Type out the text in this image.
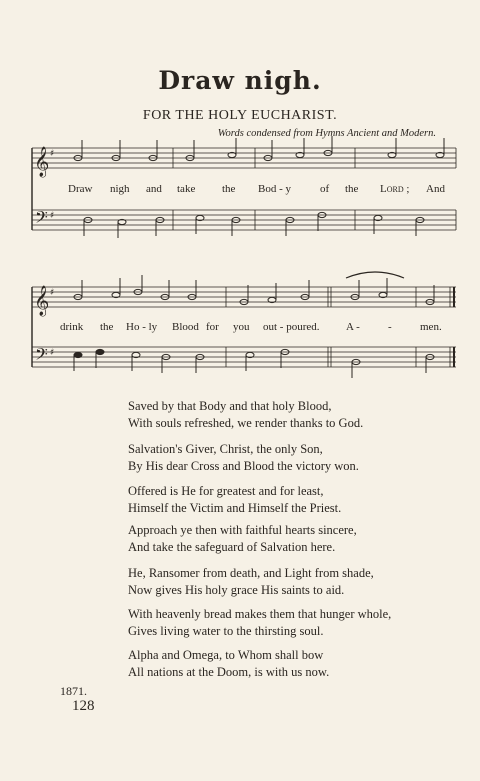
Draw nigh.
FOR THE HOLY EUCHARIST.
Words condensed from Hymns Ancient and Modern.
𝄞
𝄢
♯
♯
𝄞
𝄢
♯
♯
Draw nigh and take the Bod - y	of the Lord ; And
drink the Ho - ly Blood for you out - poured. A -	-	men.
Saved by that Body and that holy Blood,
With souls refreshed, we render thanks to God.
Salvation's Giver, Christ, the only Son,
By His dear Cross and Blood the victory won.
Offered is He for greatest and for least,
Himself the Victim and Himself the Priest.
Approach ye then with faithful hearts sincere,
And take the safeguard of Salvation here.
He, Ransomer from death, and Light from shade,
Now gives His holy grace His saints to aid.
With heavenly bread makes them that hunger whole,
Gives living water to the thirsting soul.
Alpha and Omega, to Whom shall bow
All nations at the Doom, is with us now.
1871.
128
